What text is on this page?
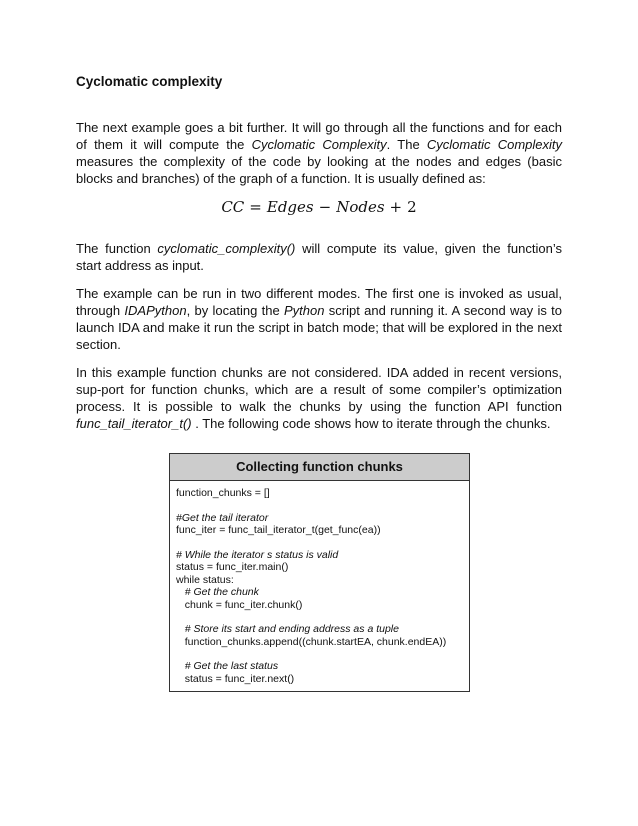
Cyclomatic complexity

The next example goes a bit further. It will go through all the functions and for each of them it will compute the Cyclomatic Complexity. The Cyclomatic Complexity measures the complexity of the code by looking at the nodes and edges (basic blocks and branches) of the graph of a function. It is usually defined as:

CC = Edges − Nodes + 2

The function cyclomatic_complexity() will compute its value, given the function’s start address as input.

The example can be run in two different modes. The first one is invoked as usual, through IDAPython, by locating the Python script and running it. A second way is to launch IDA and make it run the script in batch mode; that will be explored in the next section.

In this example function chunks are not considered. IDA added in recent versions, sup-port for function chunks, which are a result of some compiler’s optimization process. It is possible to walk the chunks by using the function API function func_tail_iterator_t() . The following code shows how to iterate through the chunks.

Collecting function chunks
function_chunks = []
#Get the tail iterator
func_iter = func_tail_iterator_t(get_func(ea))
# While the iterator s status is valid
status = func_iter.main()
while status:
# Get the chunk
chunk = func_iter.chunk()
# Store its start and ending address as a tuple
function_chunks.append((chunk.startEA, chunk.endEA))
# Get the last status
status = func_iter.next()
